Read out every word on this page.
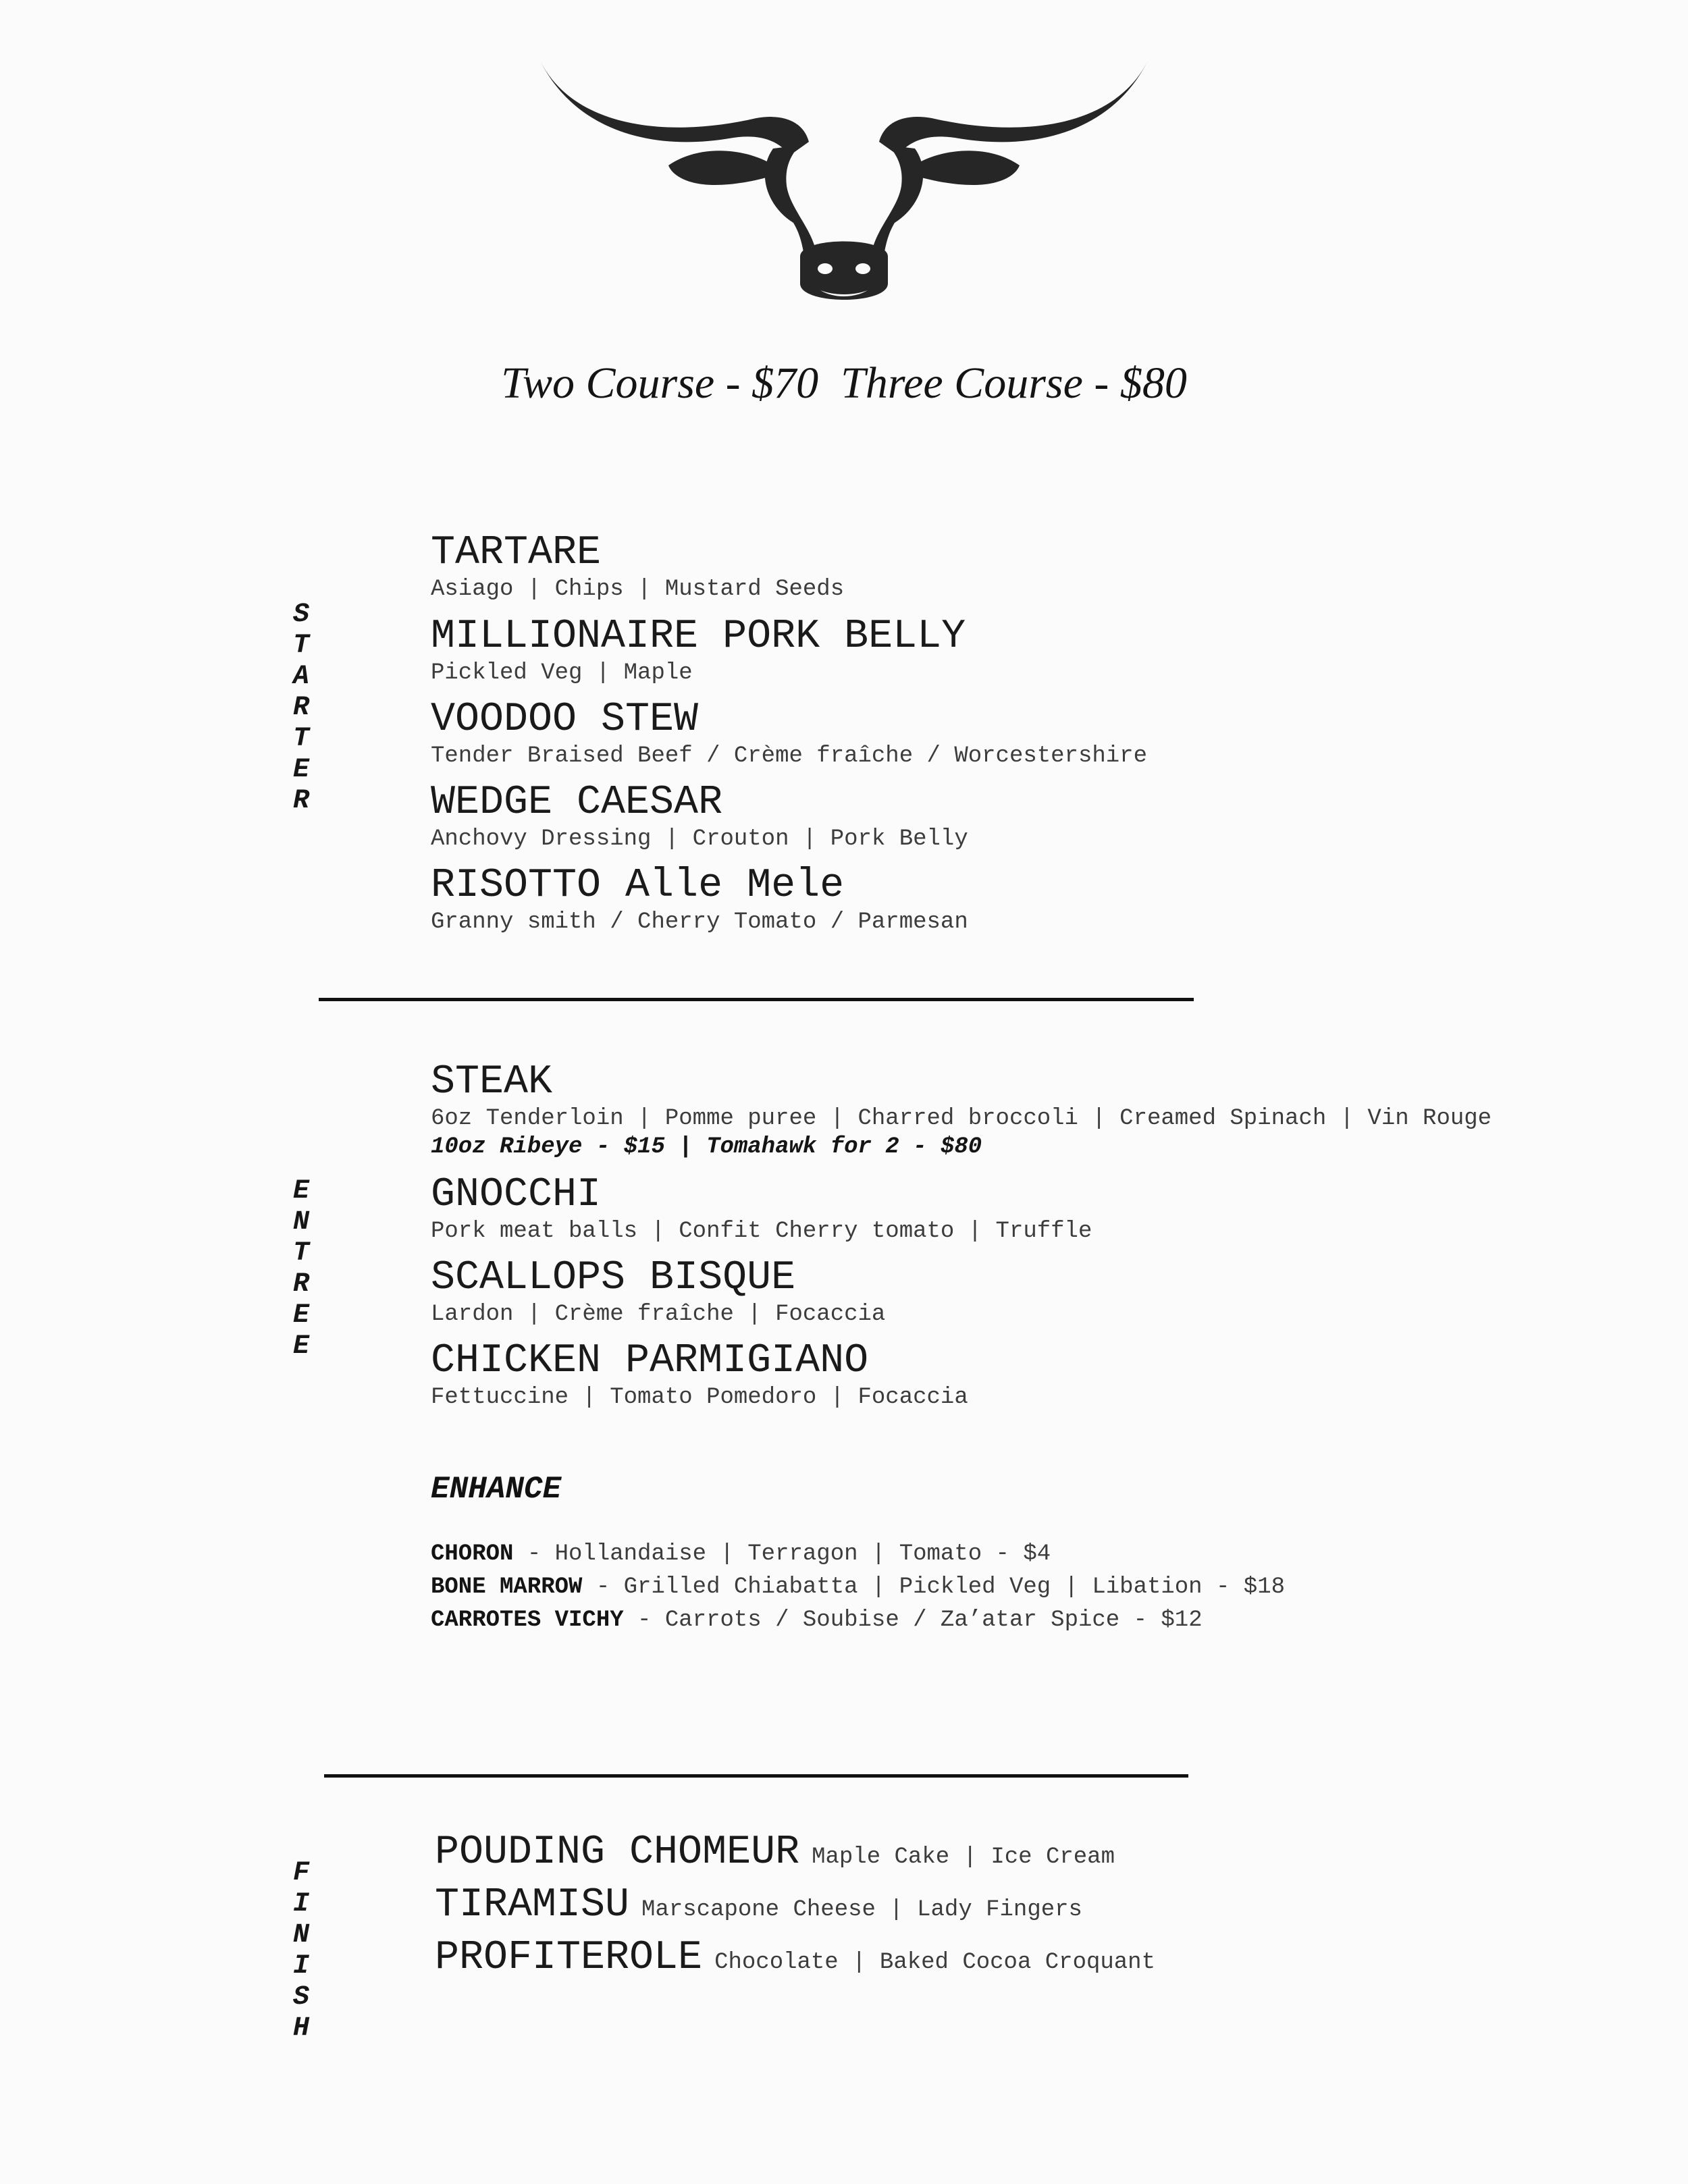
Two Course - $70  Three Course - $80
S
T
A
R
T
E
R
TARTARE
Asiago | Chips | Mustard Seeds
MILLIONAIRE PORK BELLY
Pickled Veg | Maple
VOODOO STEW
Tender Braised Beef / Crème fraîche / Worcestershire
WEDGE CAESAR
Anchovy Dressing | Crouton | Pork Belly
RISOTTO Alle Mele
Granny smith / Cherry Tomato / Parmesan
E
N
T
R
E
E
STEAK
6oz Tenderloin | Pomme puree | Charred broccoli | Creamed Spinach | Vin Rouge
10oz Ribeye - $15 | Tomahawk for 2 - $80
GNOCCHI
Pork meat balls | Confit Cherry tomato | Truffle
SCALLOPS BISQUE
Lardon | Crème fraîche | Focaccia
CHICKEN PARMIGIANO
Fettuccine | Tomato Pomedoro | Focaccia
ENHANCE
CHORON - Hollandaise | Terragon | Tomato - $4
BONE MARROW - Grilled Chiabatta | Pickled Veg | Libation - $18
CARROTES VICHY - Carrots / Soubise / Za’atar Spice - $12
F
I
N
I
S
H
POUDING CHOMEUR Maple Cake | Ice Cream
TIRAMISU Marscapone Cheese | Lady Fingers
PROFITEROLE Chocolate | Baked Cocoa Croquant
